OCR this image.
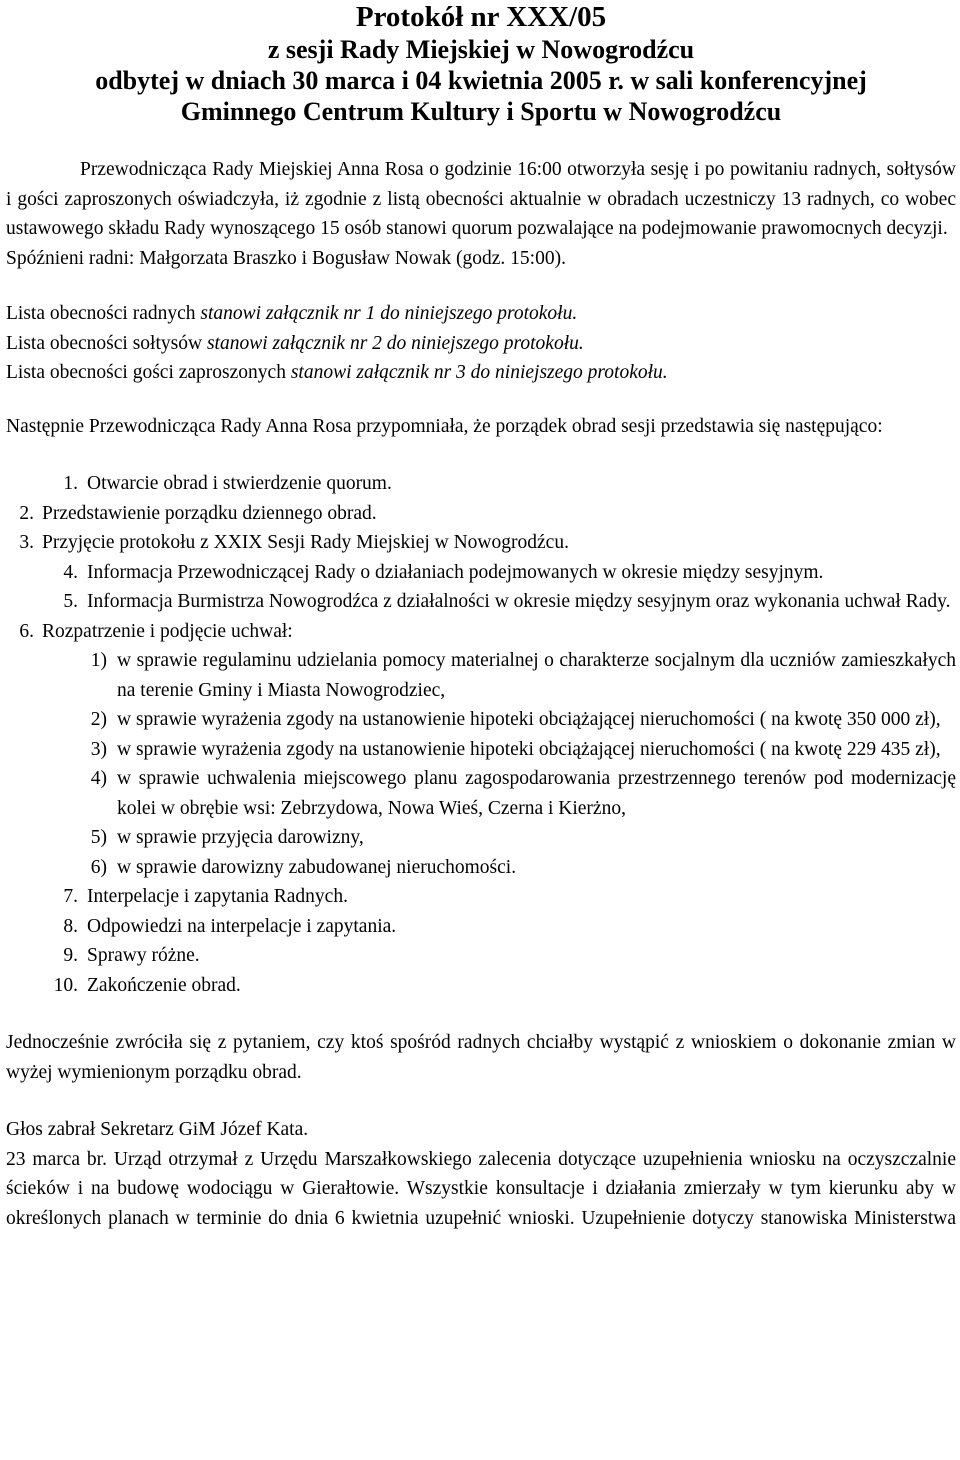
Protokół nr XXX/05
z sesji Rady Miejskiej w Nowogrodźcu
odbytej w dniach 30 marca i 04 kwietnia 2005 r. w sali konferencyjnej
Gminnego Centrum Kultury i Sportu w Nowogrodźcu

Przewodnicząca Rady Miejskiej Anna Rosa o godzinie 16:00 otworzyła sesję i po powitaniu radnych, sołtysów i gości zaproszonych oświadczyła, iż zgodnie z listą obecności aktualnie w obradach uczestniczy 13 radnych, co wobec ustawowego składu Rady wynoszącego 15 osób stanowi quorum pozwalające na podejmowanie prawomocnych decyzji.

Spóźnieni radni: Małgorzata Braszko i Bogusław Nowak (godz. 15:00).

Lista obecności radnych stanowi załącznik nr 1 do niniejszego protokołu.

Lista obecności sołtysów stanowi załącznik nr 2 do niniejszego protokołu.

Lista obecności gości zaproszonych stanowi załącznik nr 3 do niniejszego protokołu.

Następnie Przewodnicząca Rady Anna Rosa przypomniała, że porządek obrad sesji przedstawia się następująco:

1. Otwarcie obrad i stwierdzenie quorum.
2. Przedstawienie porządku dziennego obrad.
3. Przyjęcie protokołu z XXIX Sesji Rady Miejskiej w Nowogrodźcu.
4. Informacja Przewodniczącej Rady o działaniach podejmowanych w okresie między sesyjnym.
5. Informacja Burmistrza Nowogrodźca z działalności w okresie między sesyjnym oraz wykonania uchwał Rady.
6. Rozpatrzenie i podjęcie uchwał:
1) w sprawie regulaminu udzielania pomocy materialnej o charakterze socjalnym dla uczniów zamieszkałych na terenie Gminy i Miasta Nowogrodziec,
2) w sprawie wyrażenia zgody na ustanowienie hipoteki obciążającej nieruchomości ( na kwotę 350 000 zł),
3) w sprawie wyrażenia zgody na ustanowienie hipoteki obciążającej nieruchomości ( na kwotę 229 435 zł),
4) w sprawie uchwalenia miejscowego planu zagospodarowania przestrzennego terenów pod modernizację kolei w obrębie wsi: Zebrzydowa, Nowa Wieś, Czerna i Kierżno,
5) w sprawie przyjęcia darowizny,
6) w sprawie darowizny zabudowanej nieruchomości.
7. Interpelacje i zapytania Radnych.
8. Odpowiedzi na interpelacje i zapytania.
9. Sprawy różne.
10. Zakończenie obrad.

Jednocześnie zwróciła się z pytaniem, czy ktoś spośród radnych chciałby wystąpić z wnioskiem o dokonanie zmian w wyżej wymienionym porządku obrad.

Głos zabrał Sekretarz GiM Józef Kata.

23 marca br. Urząd otrzymał z Urzędu Marszałkowskiego zalecenia dotyczące uzupełnienia wniosku na oczyszczalnie ścieków i na budowę wodociągu w Gierałtowie. Wszystkie konsultacje i działania zmierzały w tym kierunku aby w określonych planach w terminie do dnia 6 kwietnia uzupełnić wnioski. Uzupełnienie dotyczy stanowiska Ministerstwa
